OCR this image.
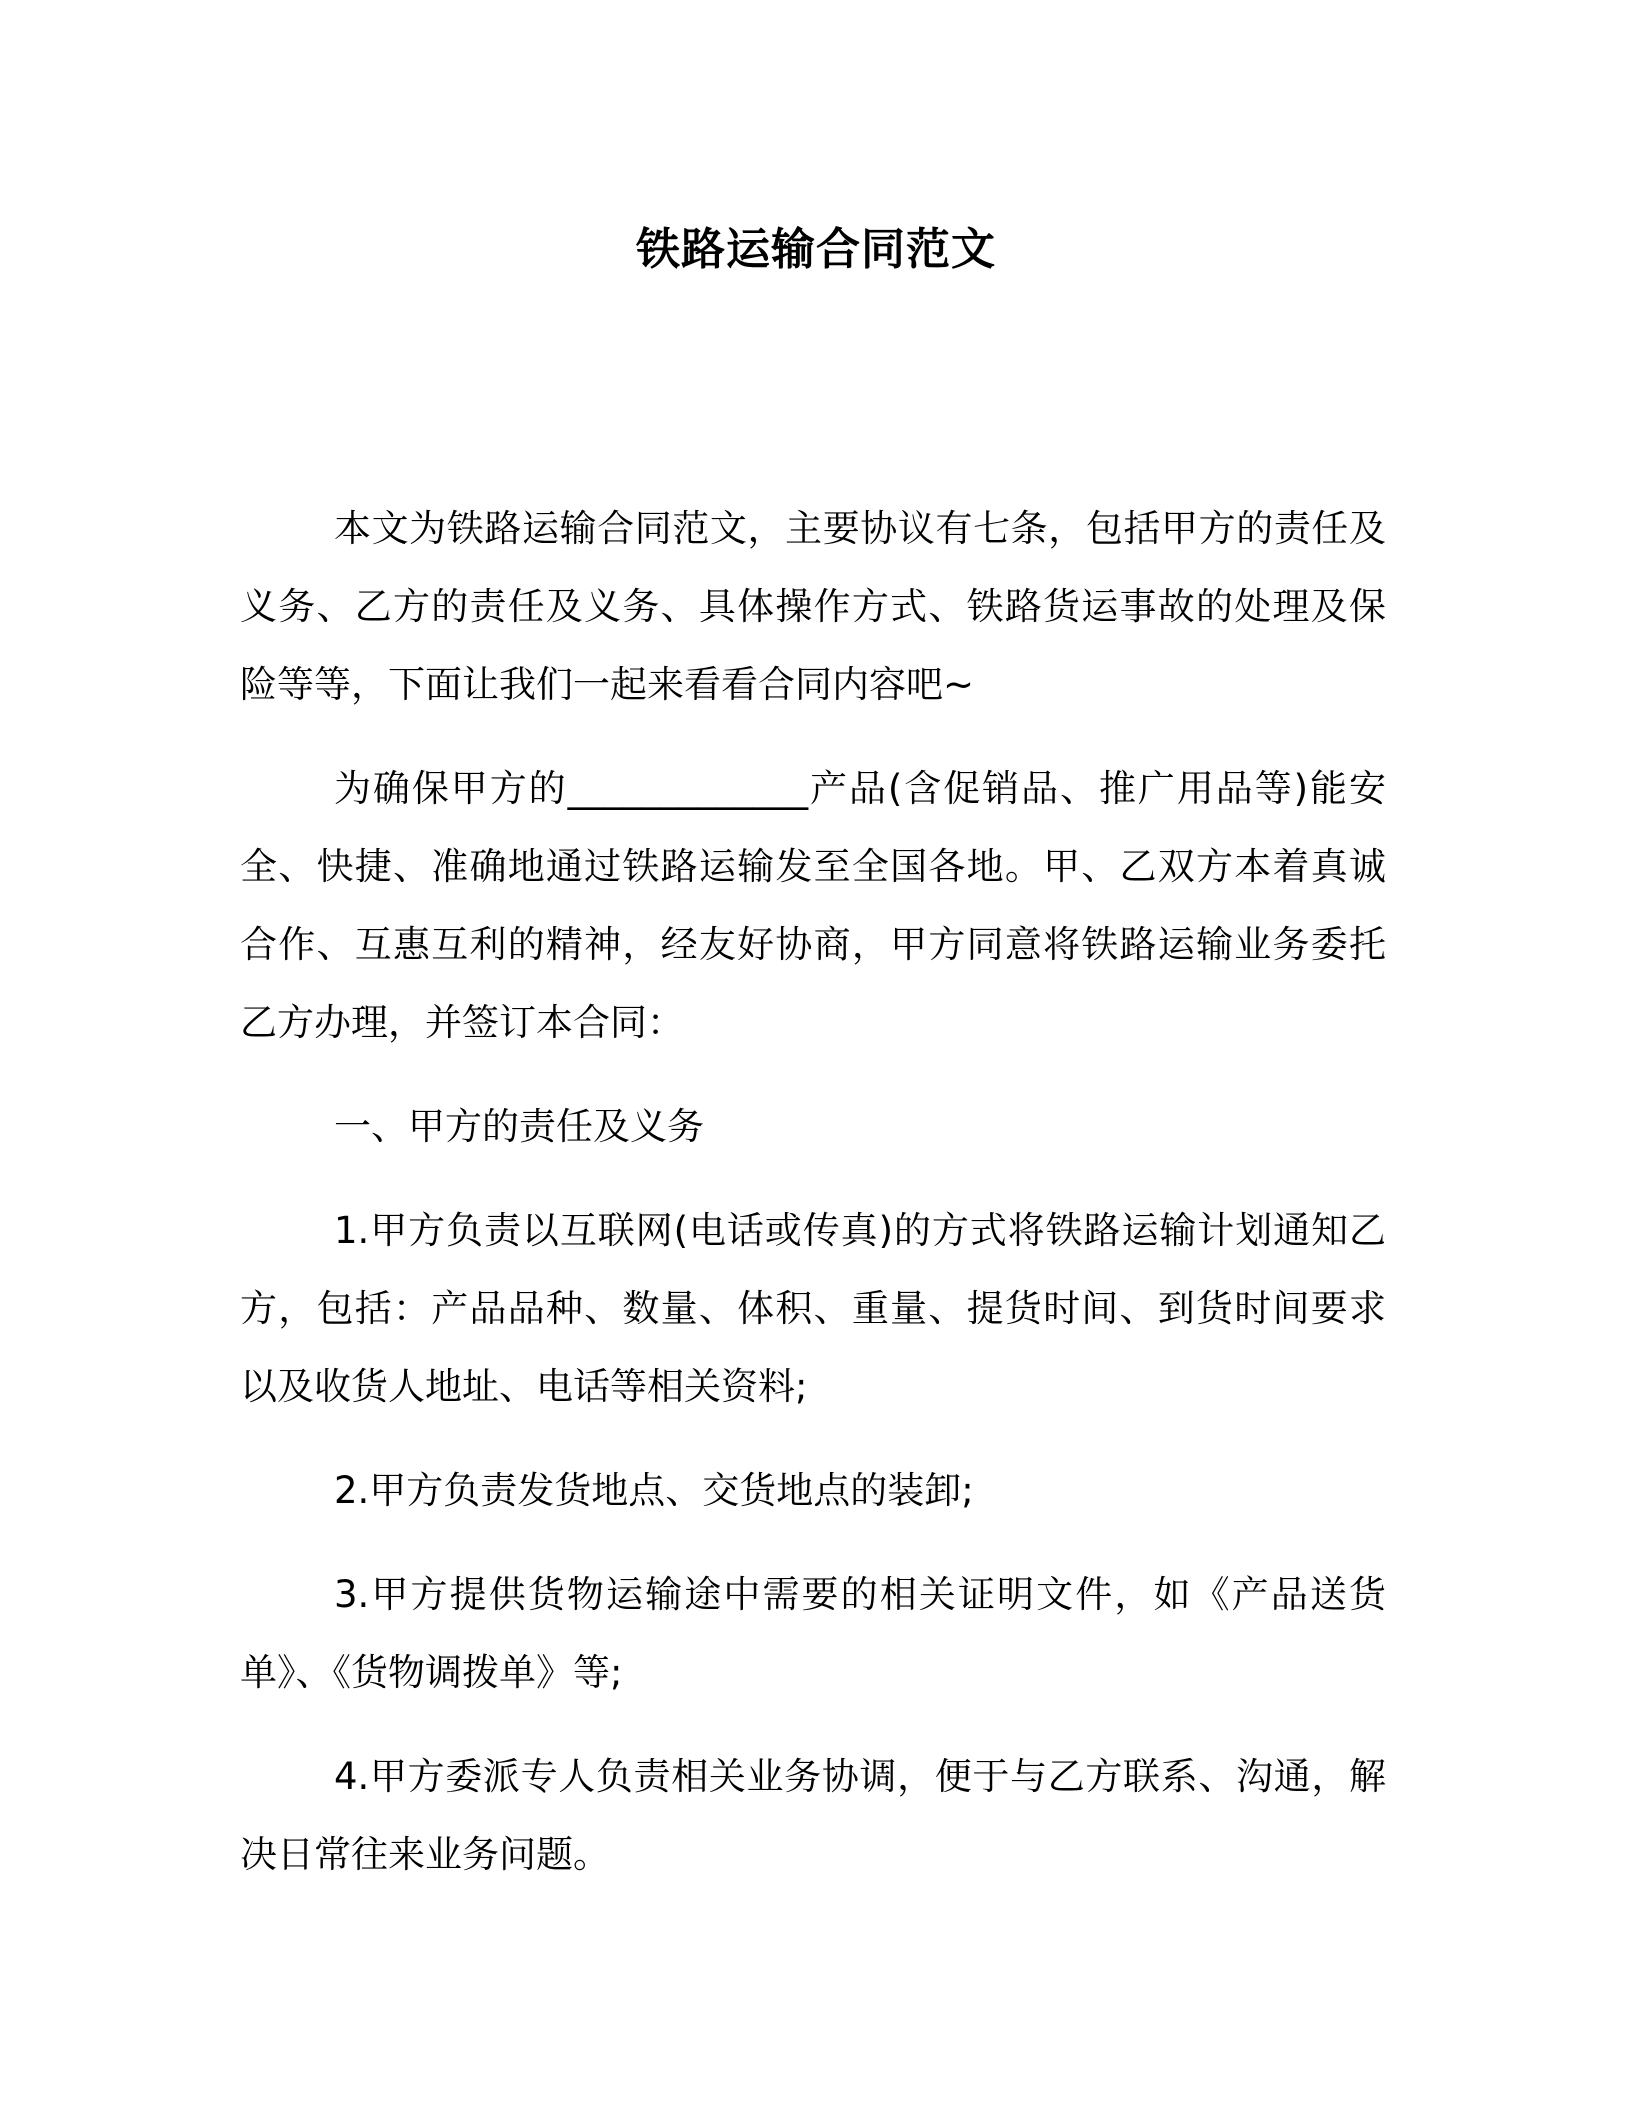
铁路运输合同范文

本文为铁路运输合同范文，主要协议有七条，包括甲方的责任及义务、乙方的责任及义务、具体操作方式、铁路货运事故的处理及保险等等，下面让我们一起来看看合同内容吧~

为确保甲方的_____________产品(含促销品、推广用品等)能安全、快捷、准确地通过铁路运输发至全国各地。甲、乙双方本着真诚合作、互惠互利的精神，经友好协商，甲方同意将铁路运输业务委托乙方办理，并签订本合同：

一、甲方的责任及义务

1.甲方负责以互联网(电话或传真)的方式将铁路运输计划通知乙方，包括：产品品种、数量、体积、重量、提货时间、到货时间要求以及收货人地址、电话等相关资料;

2.甲方负责发货地点、交货地点的装卸;

3.甲方提供货物运输途中需要的相关证明文件，如《产品送货单》、《货物调拨单》等;

4.甲方委派专人负责相关业务协调，便于与乙方联系、沟通，解决日常往来业务问题。
